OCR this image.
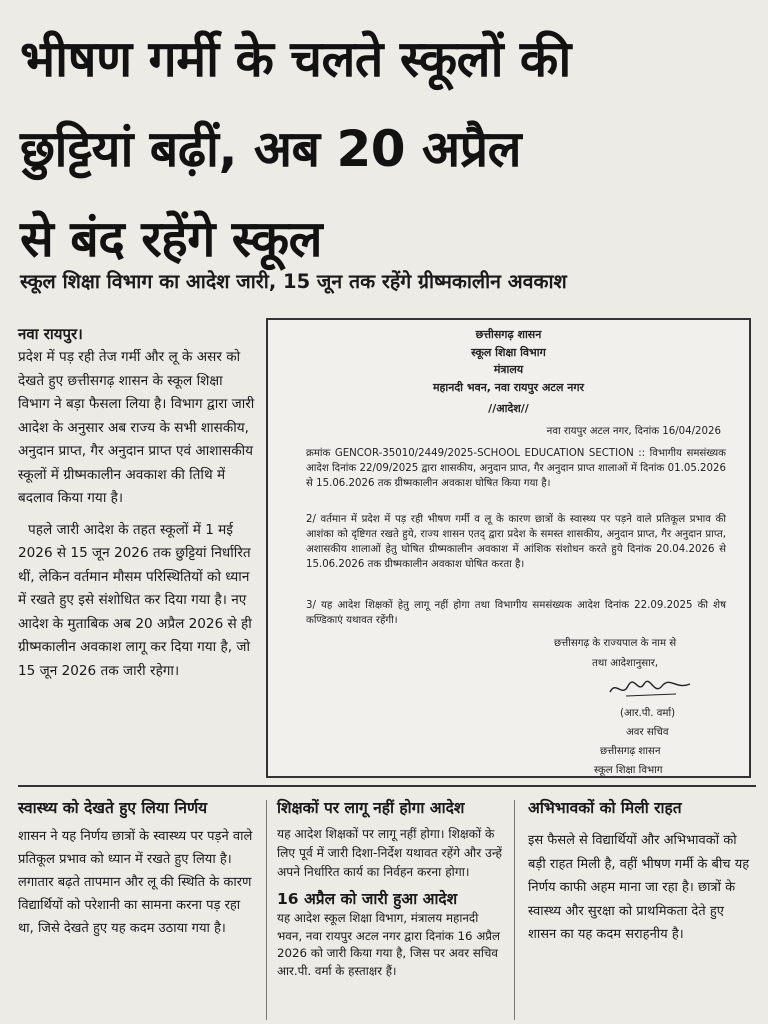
भीषण गर्मी के चलते स्कूलों की
छुट्टियां बढ़ीं, अब 20 अप्रैल
से बंद रहेंगे स्कूल

स्कूल शिक्षा विभाग का आदेश जारी, 15 जून तक रहेंगे ग्रीष्मकालीन अवकाश

नवा रायपुर।

प्रदेश में पड़ रही तेज गर्मी और लू के असर को देखते हुए छत्तीसगढ़ शासन के स्कूल शिक्षा विभाग ने बड़ा फैसला लिया है। विभाग द्वारा जारी आदेश के अनुसार अब राज्य के सभी शासकीय, अनुदान प्राप्त, गैर अनुदान प्राप्त एवं आशासकीय स्कूलों में ग्रीष्मकालीन अवकाश की तिथि में बदलाव किया गया है।

पहले जारी आदेश के तहत स्कूलों में 1 मई 2026 से 15 जून 2026 तक छुट्टियां निर्धारित थीं, लेकिन वर्तमान मौसम परिस्थितियों को ध्यान में रखते हुए इसे संशोधित कर दिया गया है। नए आदेश के मुताबिक अब 20 अप्रैल 2026 से ही ग्रीष्मकालीन अवकाश लागू कर दिया गया है, जो 15 जून 2026 तक जारी रहेगा।

छत्तीसगढ़ शासन
स्कूल शिक्षा विभाग
मंत्रालय
महानदी भवन, नवा रायपुर अटल नगर
//आदेश//
नवा रायपुर अटल नगर, दिनांक 16/04/2026
क्रमांक GENCOR-35010/2449/2025-SCHOOL EDUCATION SECTION :: विभागीय समसंख्यक आदेश दिनांक 22/09/2025 द्वारा शासकीय, अनुदान प्राप्त, गैर अनुदान प्राप्त शालाओं में दिनांक 01.05.2026 से 15.06.2026 तक ग्रीष्मकालीन अवकाश घोषित किया गया है।
2/ वर्तमान में प्रदेश में पड़ रही भीषण गर्मी व लू के कारण छात्रों के स्वास्थ्य पर पड़ने वाले प्रतिकूल प्रभाव की आशंका को दृष्टिगत रखते हुये, राज्य शासन एतद् द्वारा प्रदेश के समस्त शासकीय, अनुदान प्राप्त, गैर अनुदान प्राप्त, अशासकीय शालाओं हेतु घोषित ग्रीष्मकालीन अवकाश में आंशिक संशोधन करते हुये दिनांक 20.04.2026 से 15.06.2026 तक ग्रीष्मकालीन अवकाश घोषित करता है।
3/ यह आदेश शिक्षकों हेतु लागू नहीं होगा तथा विभागीय समसंख्यक आदेश दिनांक 22.09.2025 की शेष कण्डिकाएं यथावत रहेंगी।
छत्तीसगढ़ के राज्यपाल के नाम से
तथा आदेशानुसार,
(आर.पी. वर्मा)
अवर सचिव
छत्तीसगढ़ शासन
स्कूल शिक्षा विभाग

स्वास्थ्य को देखते हुए लिया निर्णय

शासन ने यह निर्णय छात्रों के स्वास्थ्य पर पड़ने वाले प्रतिकूल प्रभाव को ध्यान में रखते हुए लिया है। लगातार बढ़ते तापमान और लू की स्थिति के कारण विद्यार्थियों को परेशानी का सामना करना पड़ रहा था, जिसे देखते हुए यह कदम उठाया गया है।

शिक्षकों पर लागू नहीं होगा आदेश

यह आदेश शिक्षकों पर लागू नहीं होगा। शिक्षकों के लिए पूर्व में जारी दिशा-निर्देश यथावत रहेंगे और उन्हें अपने निर्धारित कार्य का निर्वहन करना होगा।

16 अप्रैल को जारी हुआ आदेश

यह आदेश स्कूल शिक्षा विभाग, मंत्रालय महानदी भवन, नवा रायपुर अटल नगर द्वारा दिनांक 16 अप्रैल 2026 को जारी किया गया है, जिस पर अवर सचिव आर.पी. वर्मा के हस्ताक्षर हैं।

अभिभावकों को मिली राहत

इस फैसले से विद्यार्थियों और अभिभावकों को बड़ी राहत मिली है, वहीं भीषण गर्मी के बीच यह निर्णय काफी अहम माना जा रहा है। छात्रों के स्वास्थ्य और सुरक्षा को प्राथमिकता देते हुए शासन का यह कदम सराहनीय है।
